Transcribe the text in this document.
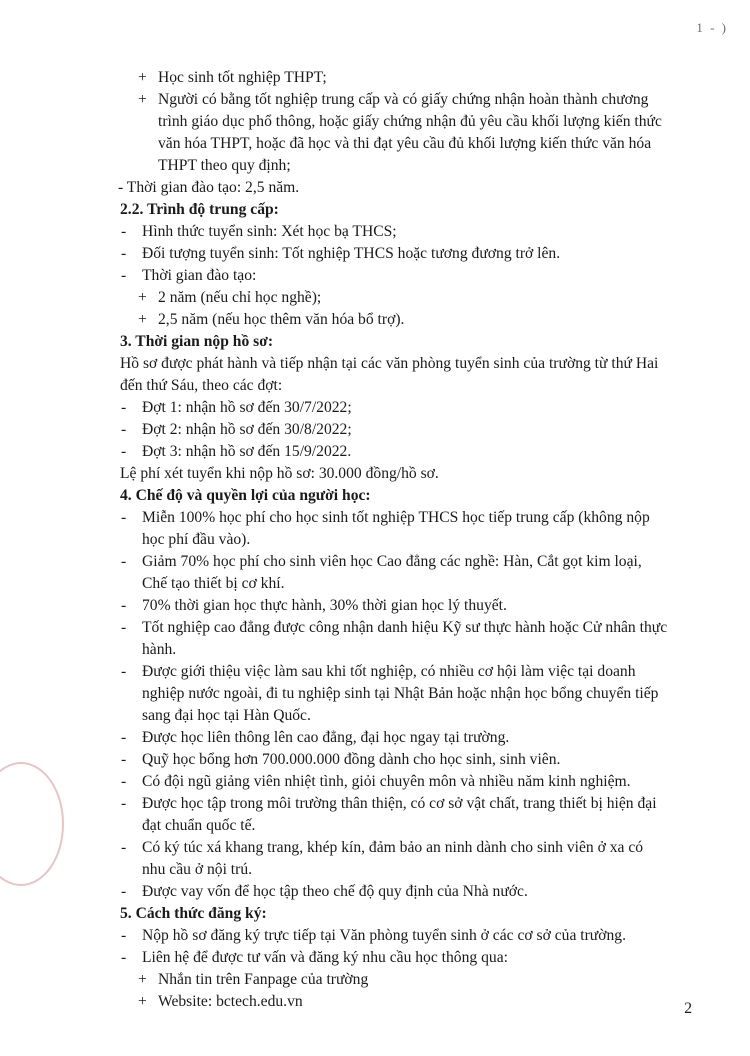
1 - )
+ Học sinh tốt nghiệp THPT;
+ Người có bằng tốt nghiệp trung cấp và có giấy chứng nhận hoàn thành chương
trình giáo dục phổ thông, hoặc giấy chứng nhận đủ yêu cầu khối lượng kiến thức
văn hóa THPT, hoặc đã học và thi đạt yêu cầu đủ khối lượng kiến thức văn hóa
THPT theo quy định;
- Thời gian đào tạo: 2,5 năm.
2.2. Trình độ trung cấp:
- Hình thức tuyển sinh: Xét học bạ THCS;
- Đối tượng tuyển sinh: Tốt nghiệp THCS hoặc tương đương trở lên.
- Thời gian đào tạo:
+ 2 năm (nếu chỉ học nghề);
+ 2,5 năm (nếu học thêm văn hóa bổ trợ).
3. Thời gian nộp hồ sơ:
Hồ sơ được phát hành và tiếp nhận tại các văn phòng tuyển sinh của trường từ thứ Hai
đến thứ Sáu, theo các đợt:
- Đợt 1: nhận hồ sơ đến 30/7/2022;
- Đợt 2: nhận hồ sơ đến 30/8/2022;
- Đợt 3: nhận hồ sơ đến 15/9/2022.
Lệ phí xét tuyển khi nộp hồ sơ: 30.000 đồng/hồ sơ.
4. Chế độ và quyền lợi của người học:
- Miễn 100% học phí cho học sinh tốt nghiệp THCS học tiếp trung cấp (không nộp
học phí đầu vào).
- Giảm 70% học phí cho sinh viên học Cao đẳng các nghề: Hàn, Cắt gọt kim loại,
Chế tạo thiết bị cơ khí.
- 70% thời gian học thực hành, 30% thời gian học lý thuyết.
- Tốt nghiệp cao đẳng được công nhận danh hiệu Kỹ sư thực hành hoặc Cử nhân thực
hành.
- Được giới thiệu việc làm sau khi tốt nghiệp, có nhiều cơ hội làm việc tại doanh
nghiệp nước ngoài, đi tu nghiệp sinh tại Nhật Bản hoặc nhận học bổng chuyển tiếp
sang đại học tại Hàn Quốc.
- Được học liên thông lên cao đẳng, đại học ngay tại trường.
- Quỹ học bổng hơn 700.000.000 đồng dành cho học sinh, sinh viên.
- Có đội ngũ giảng viên nhiệt tình, giỏi chuyên môn và nhiều năm kinh nghiệm.
- Được học tập trong môi trường thân thiện, có cơ sở vật chất, trang thiết bị hiện đại
đạt chuẩn quốc tế.
- Có ký túc xá khang trang, khép kín, đảm bảo an ninh dành cho sinh viên ở xa có
nhu cầu ở nội trú.
- Được vay vốn để học tập theo chế độ quy định của Nhà nước.
5. Cách thức đăng ký:
- Nộp hồ sơ đăng ký trực tiếp tại Văn phòng tuyển sinh ở các cơ sở của trường.
- Liên hệ để được tư vấn và đăng ký nhu cầu học thông qua:
+ Nhắn tin trên Fanpage của trường
+ Website: bctech.edu.vn	2
